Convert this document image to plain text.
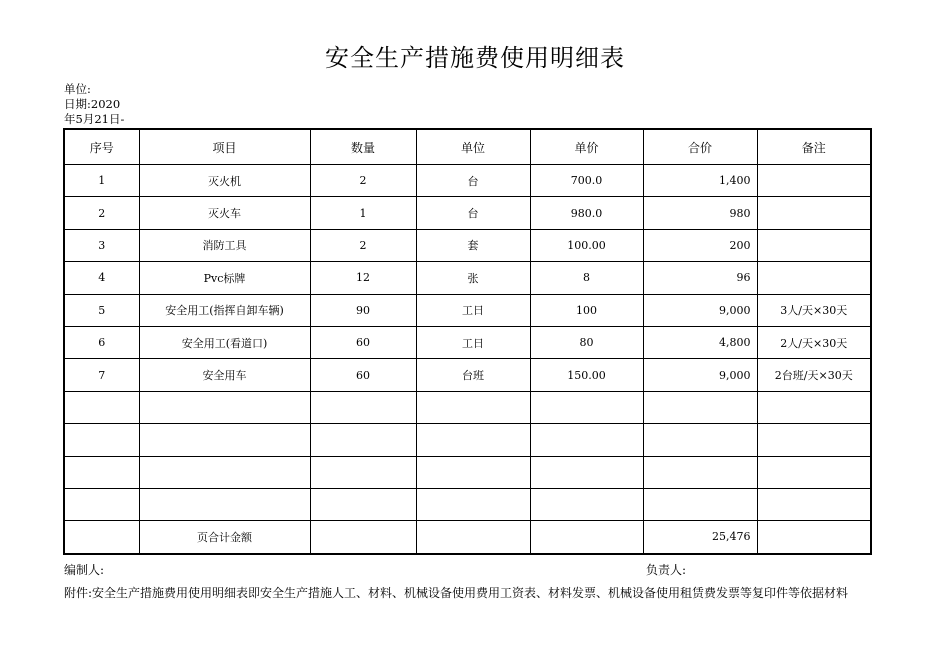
安全生产措施费使用明细表
单位:
日期:2020
年5月21日-
序号	项目	数量	单位	单价	合价	备注
1	灭火机	2	台	700.0	1,400	
2	灭火车	1	台	980.0	980	
3	消防工具	2	套	100.00	200	
4	Pvc标牌	12	张	8	96	
5	安全用工(指挥自卸车辆)	90	工日	100	9,000	3人/天×30天
6	安全用工(看道口)	60	工日	80	4,800	2人/天×30天
7	安全用车	60	台班	150.00	9,000	2台班/天×30天

	页合计金额				25,476	
编制人:	负责人:
附件:安全生产措施费用使用明细表即安全生产措施人工、材料、机械设备使用费用工资表、材料发票、机械设备使用租赁费发票等复印件等依据材料
